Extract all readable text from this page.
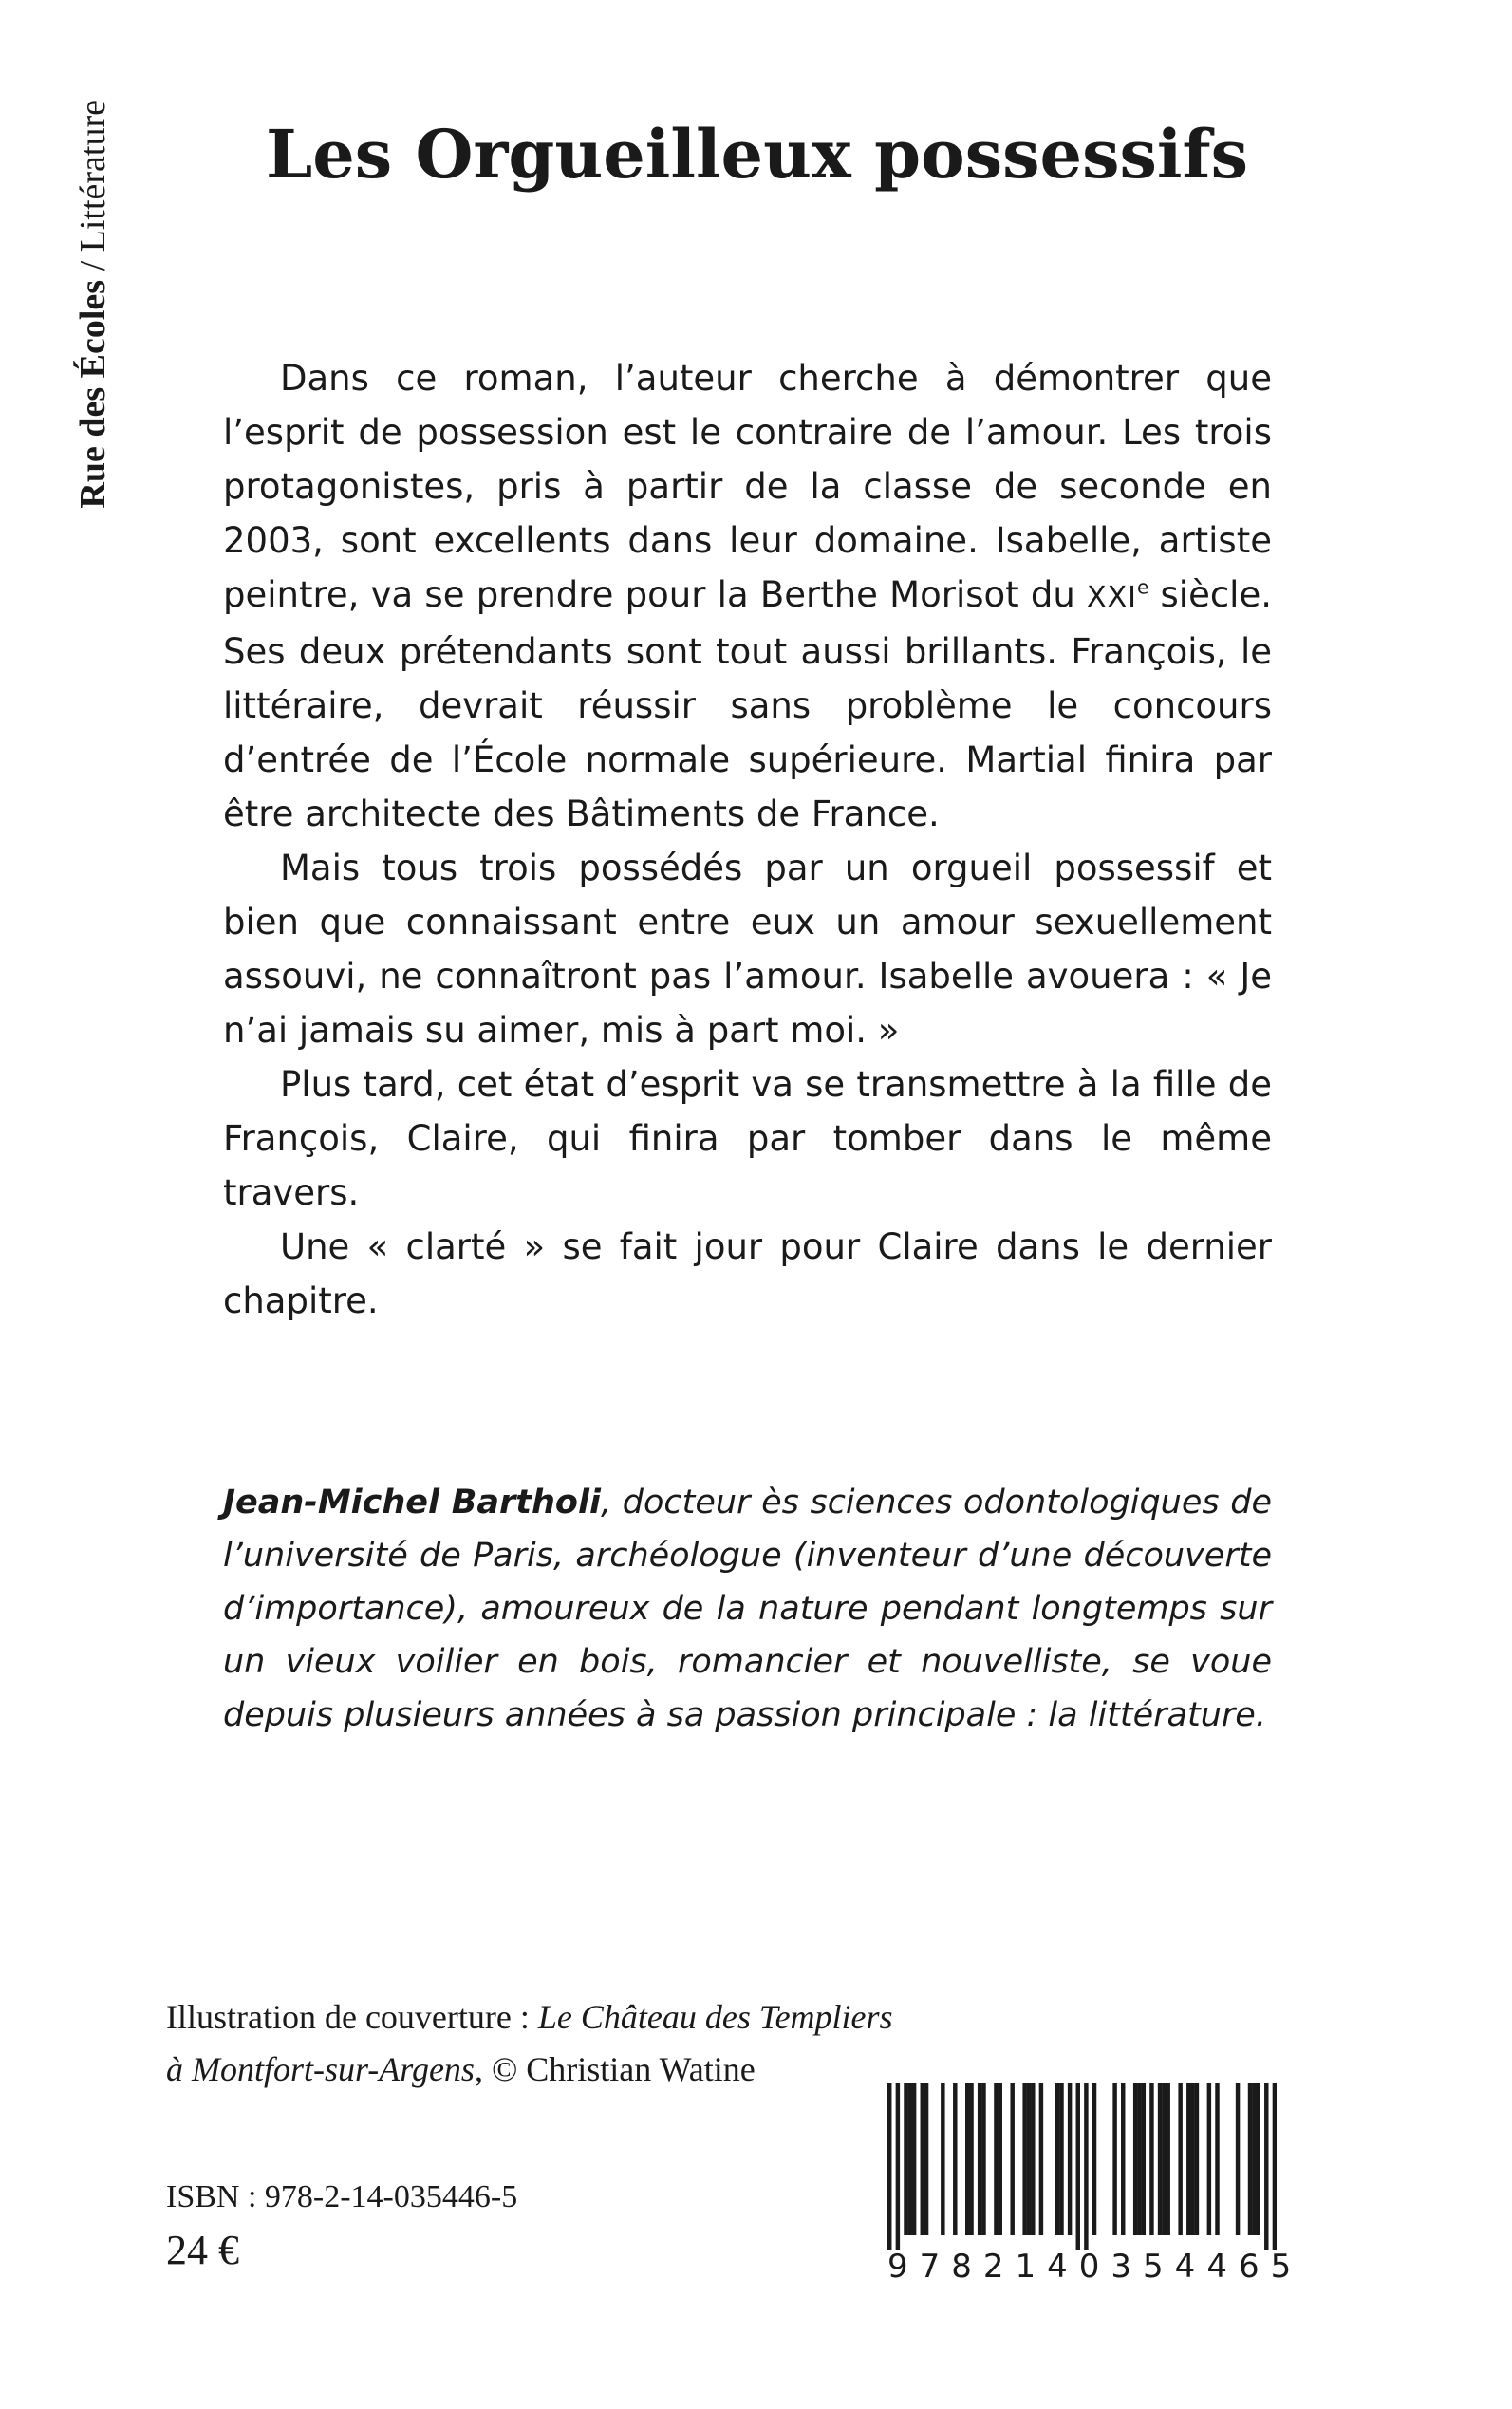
Rue des Écoles / Littérature Les Orgueilleux possessifs

Dans ce roman, l’auteur cherche à démontrer que l’esprit de possession est le contraire de l’amour. Les trois protagonistes, pris à partir de la classe de seconde en 2003, sont excellents dans leur domaine. Isabelle, artiste peintre, va se prendre pour la Berthe Morisot du XXIe siècle. Ses deux prétendants sont tout aussi brillants. François, le littéraire, devrait réussir sans problème le concours d’entrée de l’École normale supérieure. Martial finira par être architecte des Bâtiments de France.

Mais tous trois possédés par un orgueil possessif et bien que connaissant entre eux un amour sexuellement assouvi, ne connaîtront pas l’amour. Isabelle avouera : « Je n’ai jamais su aimer, mis à part moi. »

Plus tard, cet état d’esprit va se transmettre à la fille de François, Claire, qui finira par tomber dans le même travers.

Une « clarté » se fait jour pour Claire dans le dernier chapitre.

Jean-Michel Bartholi, docteur ès sciences odontologiques de l’université de Paris, archéologue (inventeur d’une découverte d’importance), amoureux de la nature pendant longtemps sur un vieux voilier en bois, romancier et nouvelliste, se voue depuis plusieurs années à sa passion principale : la littérature.

Illustration de couverture : Le Château des Templiers
à Montfort-sur-Argens, © Christian Watine
ISBN : 978-2-14-035446-5
24 €	9782140354465
